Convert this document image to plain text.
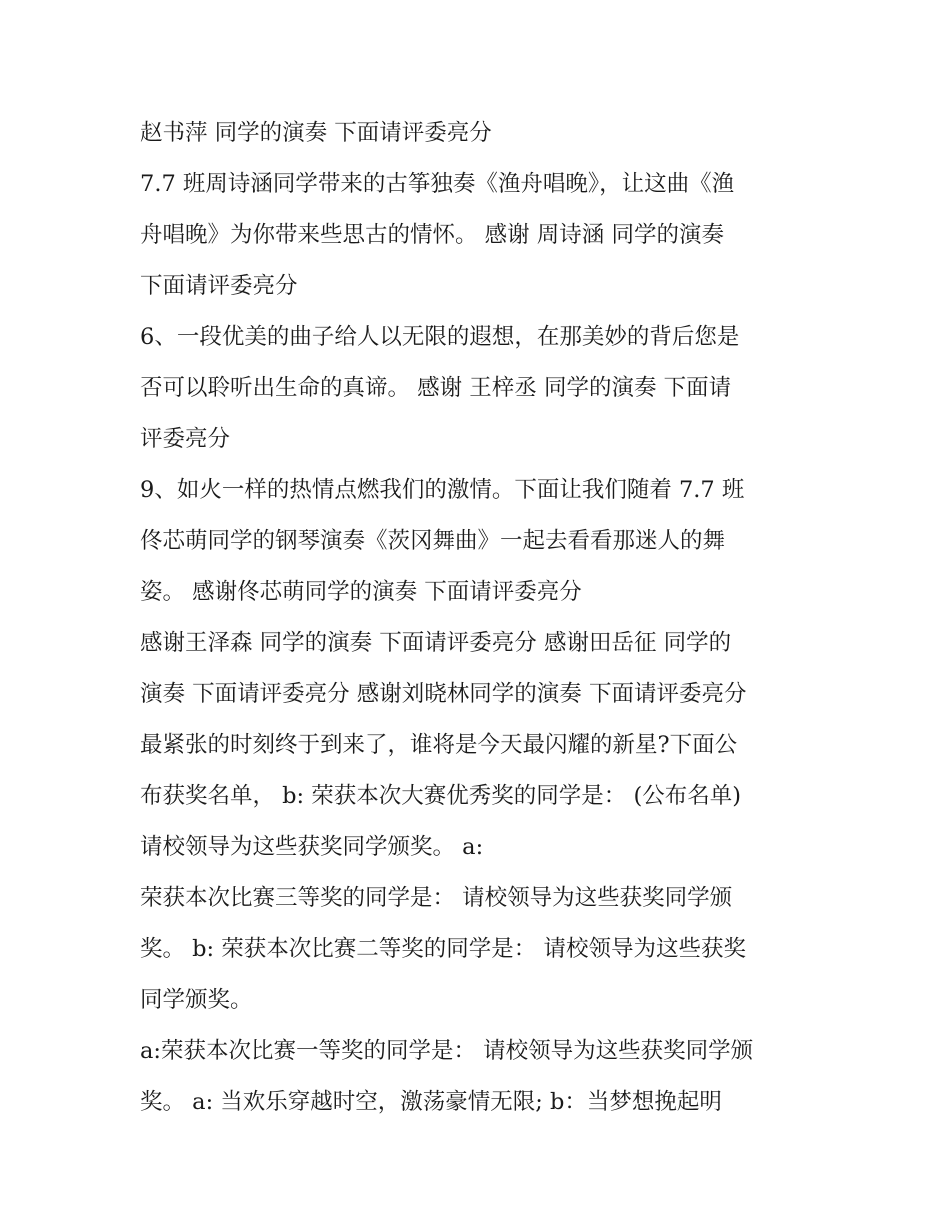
赵书萍 同学的演奏 下面请评委亮分
7.7 班周诗涵同学带来的古筝独奏《渔舟唱晚》，让这曲《渔
舟唱晚》为你带来些思古的情怀。 感谢 周诗涵 同学的演奏
下面请评委亮分
6、一段优美的曲子给人以无限的遐想，在那美妙的背后您是
否可以聆听出生命的真谛。 感谢 王梓丞 同学的演奏 下面请
评委亮分
9、如火一样的热情点燃我们的激情。下面让我们随着 7.7 班
佟芯萌同学的钢琴演奏《茨冈舞曲》一起去看看那迷人的舞
姿。 感谢佟芯萌同学的演奏 下面请评委亮分
感谢王泽森 同学的演奏 下面请评委亮分 感谢田岳征 同学的
演奏 下面请评委亮分 感谢刘晓林同学的演奏 下面请评委亮分
最紧张的时刻终于到来了，谁将是今天最闪耀的新星?下面公
布获奖名单， b: 荣获本次大赛优秀奖的同学是： (公布名单)
请校领导为这些获奖同学颁奖。 a:
荣获本次比赛三等奖的同学是： 请校领导为这些获奖同学颁
奖。 b: 荣获本次比赛二等奖的同学是： 请校领导为这些获奖
同学颁奖。
a:荣获本次比赛一等奖的同学是： 请校领导为这些获奖同学颁
奖。 a: 当欢乐穿越时空，激荡豪情无限; b：当梦想挽起明
